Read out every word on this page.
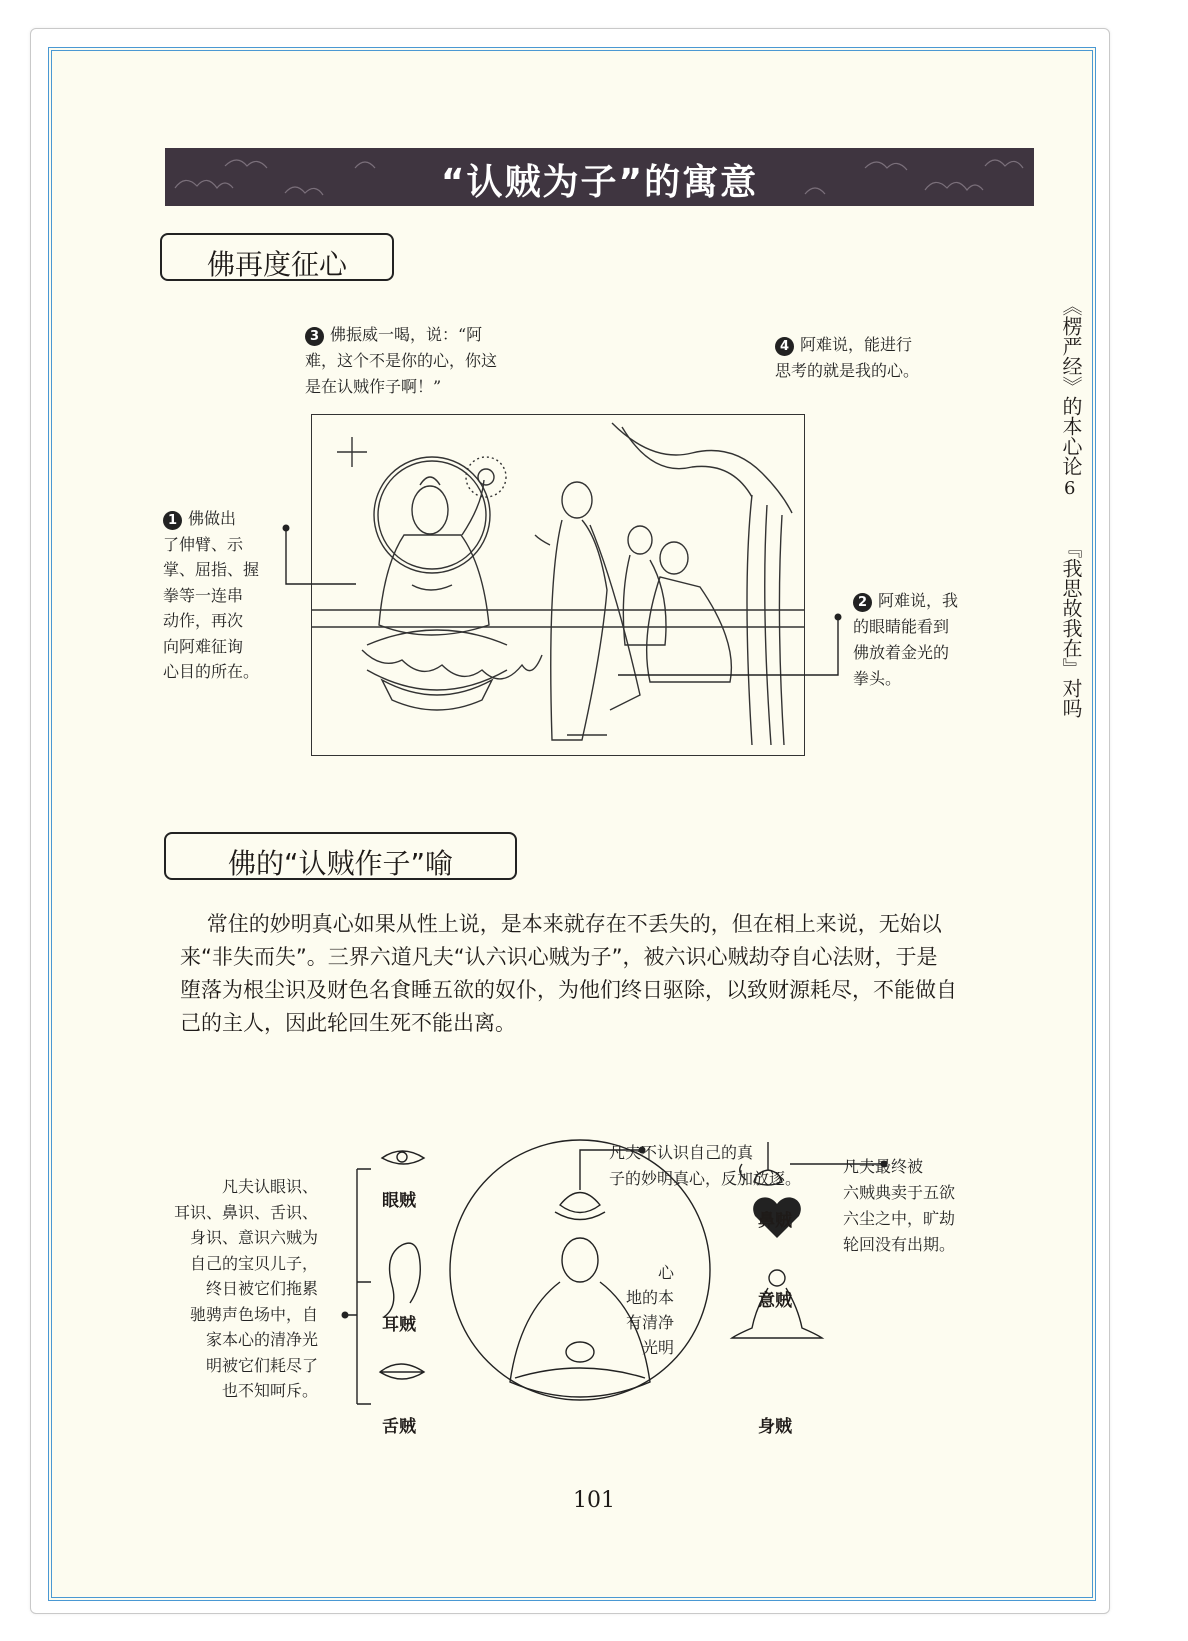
“认贼为子”的寓意
佛再度征心
3 佛振威一喝，说：“阿
难，这个不是你的心，你这
是在认贼作子啊！”
4 阿难说，能进行
思考的就是我的心。
1 佛做出
了伸臂、示
掌、屈指、握
拳等一连串
动作，再次
向阿难征询
心目的所在。
2 阿难说，我
的眼睛能看到
佛放着金光的
拳头。
《楞严经》的本心论
6
『我思故我在』对吗
佛的“认贼作子”喻
常住的妙明真心如果从性上说，是本来就存在不丢失的，但在相上来说，无始以
来“非失而失”。三界六道凡夫“认六识心贼为子”，被六识心贼劫夺自心法财，于是
堕落为根尘识及财色名食睡五欲的奴仆，为他们终日驱除，以致财源耗尽，不能做自
己的主人，因此轮回生死不能出离。
凡夫认眼识、
耳识、鼻识、舌识、
身识、意识六贼为
自己的宝贝儿子，
终日被它们拖累
驰骋声色场中，自
家本心的清净光
明被它们耗尽了
也不知呵斥。
凡夫不认识自己的真
子的妙明真心，反加放逐。
凡夫最终被
六贼典卖于五欲
六尘之中，旷劫
轮回没有出期。
心
地的本
有清净
光明
眼贼
耳贼
舌贼
鼻贼
意贼
身贼
101
